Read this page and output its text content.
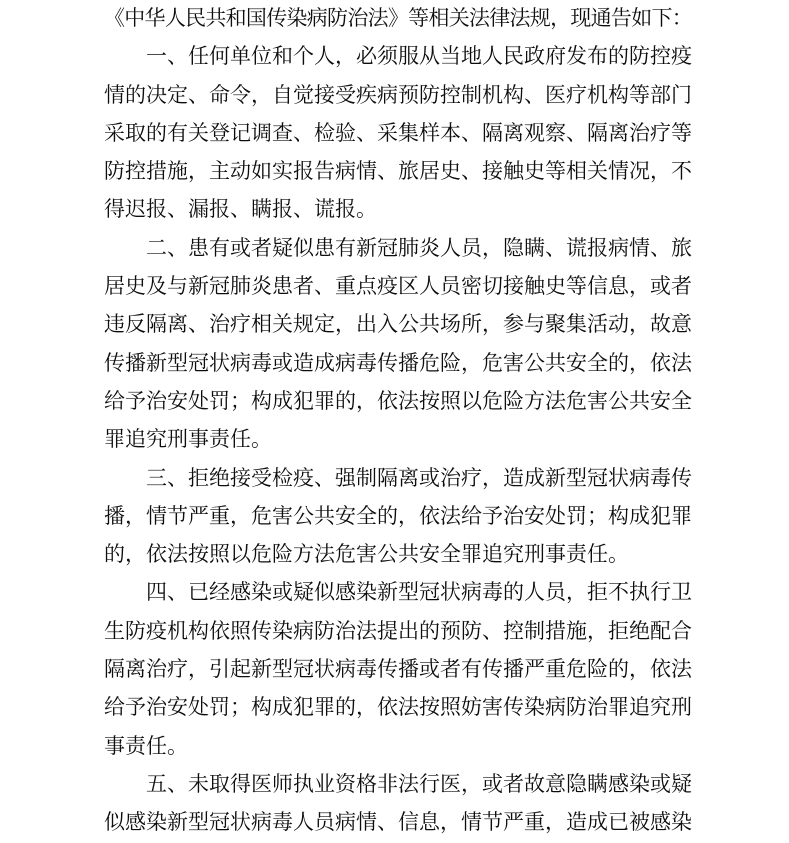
《中华人民共和国传染病防治法》等相关法律法规，现通告如下：
一、任何单位和个人，必须服从当地人民政府发布的防控疫
情的决定、命令，自觉接受疾病预防控制机构、医疗机构等部门
采取的有关登记调查、检验、采集样本、隔离观察、隔离治疗等
防控措施，主动如实报告病情、旅居史、接触史等相关情况，不
得迟报、漏报、瞒报、谎报。
二、患有或者疑似患有新冠肺炎人员，隐瞒、谎报病情、旅
居史及与新冠肺炎患者、重点疫区人员密切接触史等信息，或者
违反隔离、治疗相关规定，出入公共场所，参与聚集活动，故意
传播新型冠状病毒或造成病毒传播危险，危害公共安全的，依法
给予治安处罚；构成犯罪的，依法按照以危险方法危害公共安全
罪追究刑事责任。
三、拒绝接受检疫、强制隔离或治疗，造成新型冠状病毒传
播，情节严重，危害公共安全的，依法给予治安处罚；构成犯罪
的，依法按照以危险方法危害公共安全罪追究刑事责任。
四、已经感染或疑似感染新型冠状病毒的人员，拒不执行卫
生防疫机构依照传染病防治法提出的预防、控制措施，拒绝配合
隔离治疗，引起新型冠状病毒传播或者有传播严重危险的，依法
给予治安处罚；构成犯罪的，依法按照妨害传染病防治罪追究刑
事责任。
五、未取得医师执业资格非法行医，或者故意隐瞒感染或疑
似感染新型冠状病毒人员病情、信息，情节严重，造成已被感染
